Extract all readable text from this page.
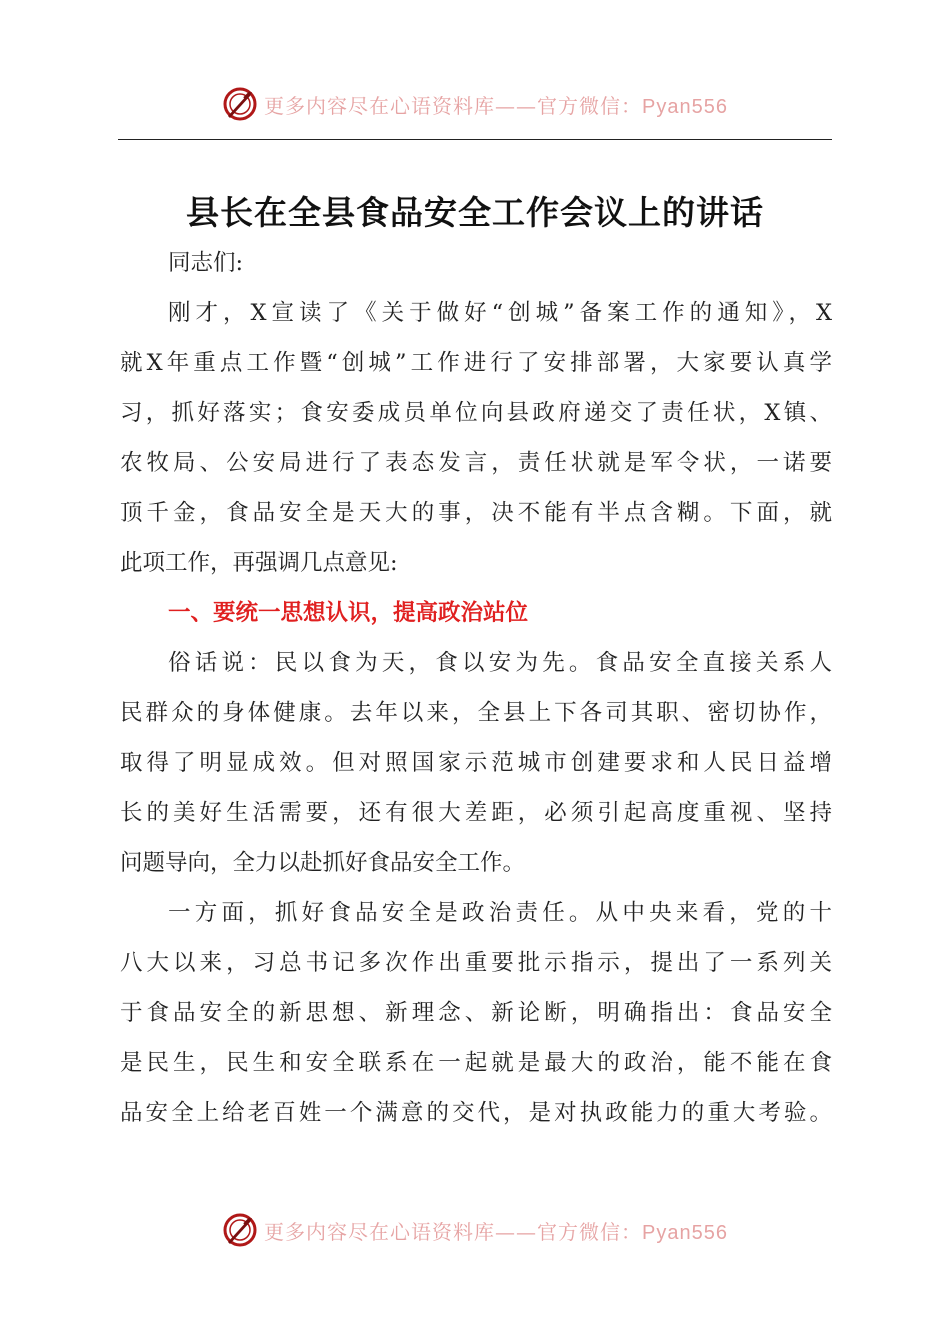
更多内容尽在心语资料库——官方微信：Pyan556
县长在全县食品安全工作会议上的讲话
同志们:
刚才，X宣读了《关于做好“创城”备案工作的通知》，X
就X年重点工作暨“创城”工作进行了安排部署，大家要认真学
习，抓好落实；食安委成员单位向县政府递交了责任状，X镇、
农牧局、公安局进行了表态发言，责任状就是军令状，一诺要
顶千金，食品安全是天大的事，决不能有半点含糊。下面，就
此项工作，再强调几点意见:
一、要统一思想认识，提高政治站位
俗话说：民以食为天，食以安为先。食品安全直接关系人
民群众的身体健康。去年以来，全县上下各司其职、密切协作，
取得了明显成效。但对照国家示范城市创建要求和人民日益增
长的美好生活需要，还有很大差距，必须引起高度重视、坚持
问题导向，全力以赴抓好食品安全工作。
一方面，抓好食品安全是政治责任。从中央来看，党的十
八大以来，习总书记多次作出重要批示指示，提出了一系列关
于食品安全的新思想、新理念、新论断，明确指出：食品安全
是民生，民生和安全联系在一起就是最大的政治，能不能在食
品安全上给老百姓一个满意的交代，是对执政能力的重大考验。
更多内容尽在心语资料库——官方微信：Pyan556
